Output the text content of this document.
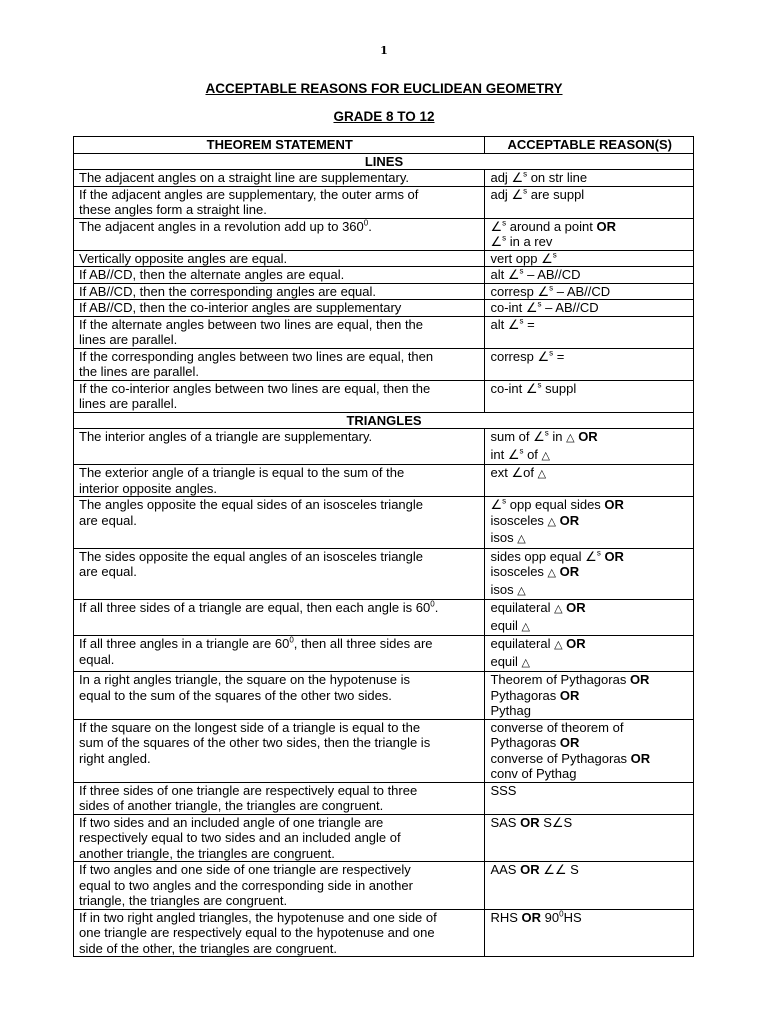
1
ACCEPTABLE REASONS FOR EUCLIDEAN GEOMETRY
GRADE 8 TO 12
THEOREM STATEMENT	ACCEPTABLE REASON(S)
LINES	

The adjacent angles on a straight line are supplementary.	adj ∠$^s$ on str line

If the adjacent angles are supplementary, the outer arms of
these angles form a straight line.	adj ∠$^s$ are suppl

The adjacent angles in a revolution add up to $360^0$.	∠$^s$ around a point OR
∠$^s$ in a rev

Vertically opposite angles are equal.	vert opp ∠$^s$

If AB//CD, then the alternate angles are equal.	alt ∠$^s$ – AB//CD

If AB//CD, then the corresponding angles are equal.	corresp ∠$^s$ – AB//CD

If AB//CD, then the co-interior angles are supplementary	co-int ∠$^s$ – AB//CD

If the alternate angles between two lines are equal, then the
lines are parallel.	alt ∠$^s$ =

If the corresponding angles between two lines are equal, then
the lines are parallel.	corresp ∠$^s$ =

If the co-interior angles between two lines are equal, then the
lines are parallel.	co-int ∠$^s$ suppl

TRIANGLES	

The interior angles of a triangle are supplementary.	sum of ∠$^s$ in △ OR
int ∠$^s$ of △

The exterior angle of a triangle is equal to the sum of the
interior opposite angles.	ext ∠of △

The angles opposite the equal sides of an isosceles triangle
are equal.	∠$^s$ opp equal sides OR
isosceles △ OR
isos △

The sides opposite the equal angles of an isosceles triangle
are equal.	sides opp equal ∠$^s$ OR
isosceles △ OR
isos △

If all three sides of a triangle are equal, then each angle is $60^0$.	equilateral △ OR
equil △

If all three angles in a triangle are $60^0$, then all three sides are
equal.	equilateral △ OR
equil △

In a right angles triangle, the square on the hypotenuse is
equal to the sum of the squares of the other two sides.	Theorem of Pythagoras OR
Pythagoras OR
Pythag

If the square on the longest side of a triangle is equal to the
sum of the squares of the other two sides, then the triangle is
right angled.	converse of theorem of
Pythagoras OR
converse of Pythagoras OR
conv of Pythag

If three sides of one triangle are respectively equal to three
sides of another triangle, the triangles are congruent.	SSS

If two sides and an included angle of one triangle are
respectively equal to two sides and an included angle of
another triangle, the triangles are congruent.	SAS OR S∠S

If two angles and one side of one triangle are respectively
equal to two angles and the corresponding side in another
triangle, the triangles are congruent.	AAS OR ∠∠ S

If in two right angled triangles, the hypotenuse and one side of
one triangle are respectively equal to the hypotenuse and one
side of the other, the triangles are congruent.	RHS OR $90^0HS$
